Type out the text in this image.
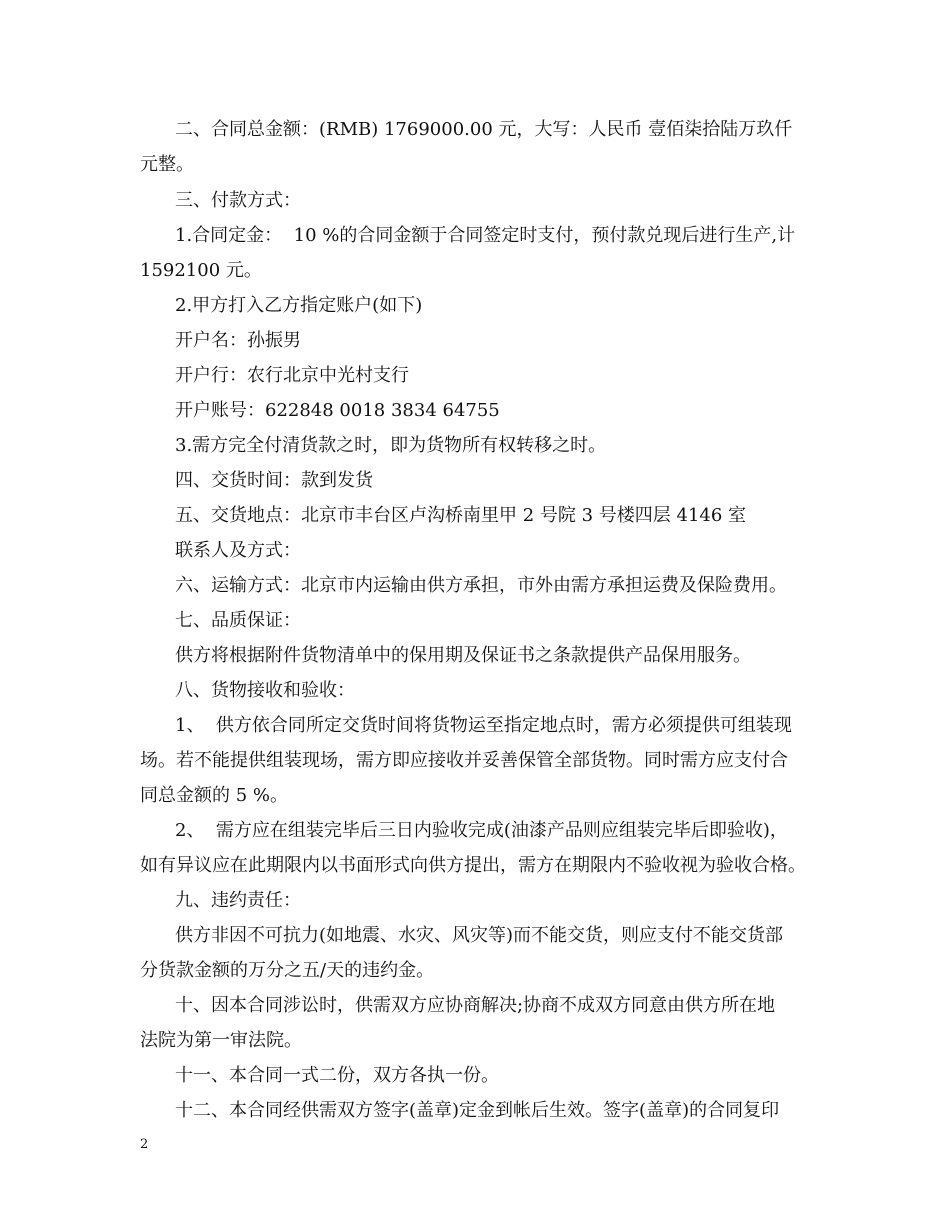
二、合同总金额：(RMB) 1769000.00 元，大写：人民币 壹佰柒拾陆万玖仟
元整。
三、付款方式：
1.合同定金：  10 %的合同金额于合同签定时支付，预付款兑现后进行生产,计
1592100 元。
2.甲方打入乙方指定账户(如下)
开户名：孙振男
开户行：农行北京中光村支行
开户账号：622848 0018 3834 64755
3.需方完全付清货款之时，即为货物所有权转移之时。
四、交货时间：款到发货
五、交货地点：北京市丰台区卢沟桥南里甲 2 号院 3 号楼四层 4146 室
联系人及方式：
六、运输方式：北京市内运输由供方承担，市外由需方承担运费及保险费用。
七、品质保证：
供方将根据附件货物清单中的保用期及保证书之条款提供产品保用服务。
八、货物接收和验收：
1、  供方依合同所定交货时间将货物运至指定地点时，需方必须提供可组装现
场。若不能提供组装现场，需方即应接收并妥善保管全部货物。同时需方应支付合
同总金额的 5 %。
2、  需方应在组装完毕后三日内验收完成(油漆产品则应组装完毕后即验收)，
如有异议应在此期限内以书面形式向供方提出，需方在期限内不验收视为验收合格。
九、违约责任：
供方非因不可抗力(如地震、水灾、风灾等)而不能交货，则应支付不能交货部
分货款金额的万分之五/天的违约金。
十、因本合同涉讼时，供需双方应协商解决;协商不成双方同意由供方所在地
法院为第一审法院。
十一、本合同一式二份，双方各执一份。
十二、本合同经供需双方签字(盖章)定金到帐后生效。签字(盖章)的合同复印
2
